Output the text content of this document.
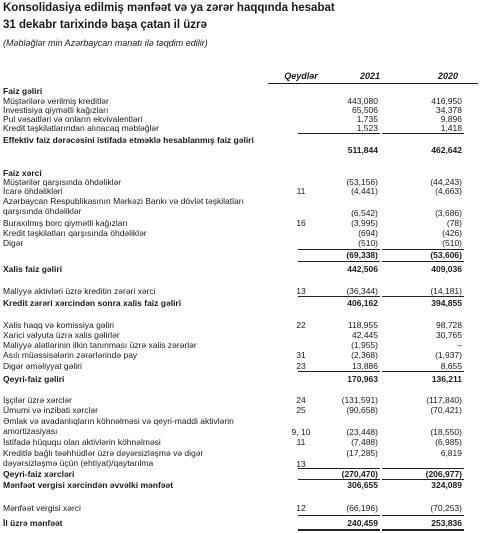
Konsolidasiya edilmiş mənfəət və ya zərər haqqında hesabat
31 dekabr tarixində başa çatan il üzrə
(Məbləğlər min Azərbaycan manatı ilə təqdim edilir)
Qeydlər	2021	2020
Faiz gəliri
Müştərilərə verilmiş kreditlər	443,080	416,950
İnvestisiya qiymətli kağızları	65,506	34,378
Pul vəsaitləri və onların ekvivalentləri	1,735	9,896
Kredit təşkilatlarından alınacaq məbləğlər	1,523	1,418
Effektiv faiz dərəcəsini istifadə etməklə hesablanmış faiz gəliri
511,844	462,642
Faiz xərci
Müştərilər qarşısında öhdəliklər	(53,156)	(44,243)
İcarə öhdəlikləri	11	(4,441)	(4,663)
Azərbaycan Respublikasının Mərkəzi Bankı və dövlət təşkilatları qarşısında öhdəliklər	(6,542)	(3,686)
Buraxılmış borc qiymətli kağızları	16	(3,995)	(78)
Kredit təşkilatları qarşısında öhdəliklər	(694)	(426)
Digər	(510)	(510)
(69,338)	(53,606)
Xalis faiz gəliri	442,506	409,036
Maliyyə aktivləri üzrə kreditin zərəri xərci	13	(36,344)	(14,181)
Kredit zərəri xərcindən sonra xalis faiz gəliri	406,162	394,855
Xalis haqq və komissiya gəliri	22	118,955	98,728
Xarici valyuta üzrə xalis gəlirlər	42,445	30,765
Maliyyə alətlərinin ilkin tanınması üzrə xalis zərərlər	(1,955)	–
Asılı müəssisələrin zərərlərində pay	31	(2,368)	(1,937)
Digər əməliyyat gəliri	23	13,886	8,655
Qeyri-faiz gəliri	170,963	136,211
İşçilər üzrə xərclər	24	(131,591)	(117,840)
Ümumi və inzibati xərclər	25	(90,658)	(70,421)
Əmlak və avadanlıqların köhnəlməsi və qeyri-maddi aktivlərin amortizasiyası	9, 10	(23,448)	(18,550)
İstifadə hüququ olan aktivlərin köhnəlməsi	11	(7,488)	(6,985)
Kreditlə bağlı təəhhüdlər üzrə dəyərsizləşmə və digər dəyərsizləşmə üçün (ehtiyat)/qaytarılma	13
(17,285)	6,819
Qeyri-faiz xərcləri	(270,470)	(206,977)
Mənfəət vergisi xərcindən əvvəlki mənfəət	306,655	324,089
Mənfəət vergisi xərci	12	(66,196)	(70,253)
İl üzrə mənfəət	240,459	253,836
